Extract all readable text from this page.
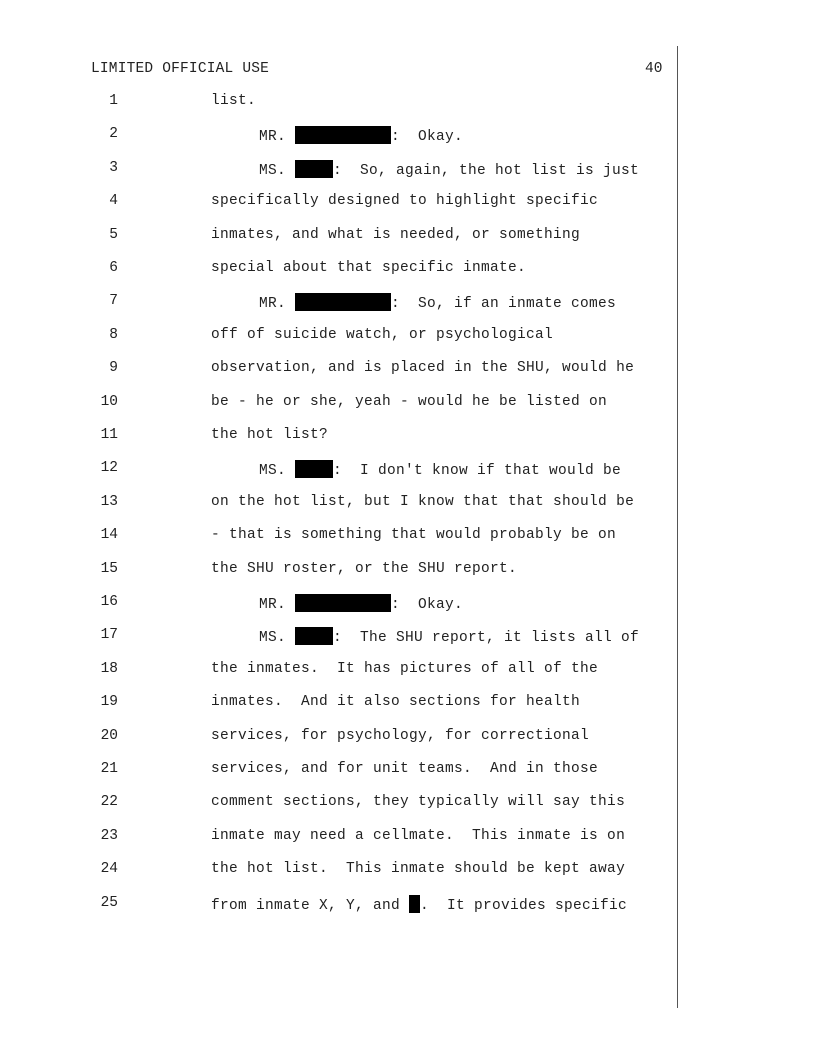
LIMITED OFFICIAL USE	40
1	list.
2	MR.	:  Okay.
3	MS.	:  So, again, the hot list is just
4	specifically designed to highlight specific
5	inmates, and what is needed, or something
6	special about that specific inmate.
7	MR.	:  So, if an inmate comes
8	off of suicide watch, or psychological
9	observation, and is placed in the SHU, would he
10	be - he or she, yeah - would he be listed on
11	the hot list?
12	MS.	:  I don't know if that would be
13	on the hot list, but I know that that should be
14	- that is something that would probably be on
15	the SHU roster, or the SHU report.
16	MR.	:  Okay.
17	MS.	:  The SHU report, it lists all of
18	the inmates.  It has pictures of all of the
19	inmates.  And it also sections for health
20	services, for psychology, for correctional
21	services, and for unit teams.  And in those
22	comment sections, they typically will say this
23	inmate may need a cellmate.  This inmate is on
24	the hot list.  This inmate should be kept away
25	from inmate X, Y, and .  It provides specific
